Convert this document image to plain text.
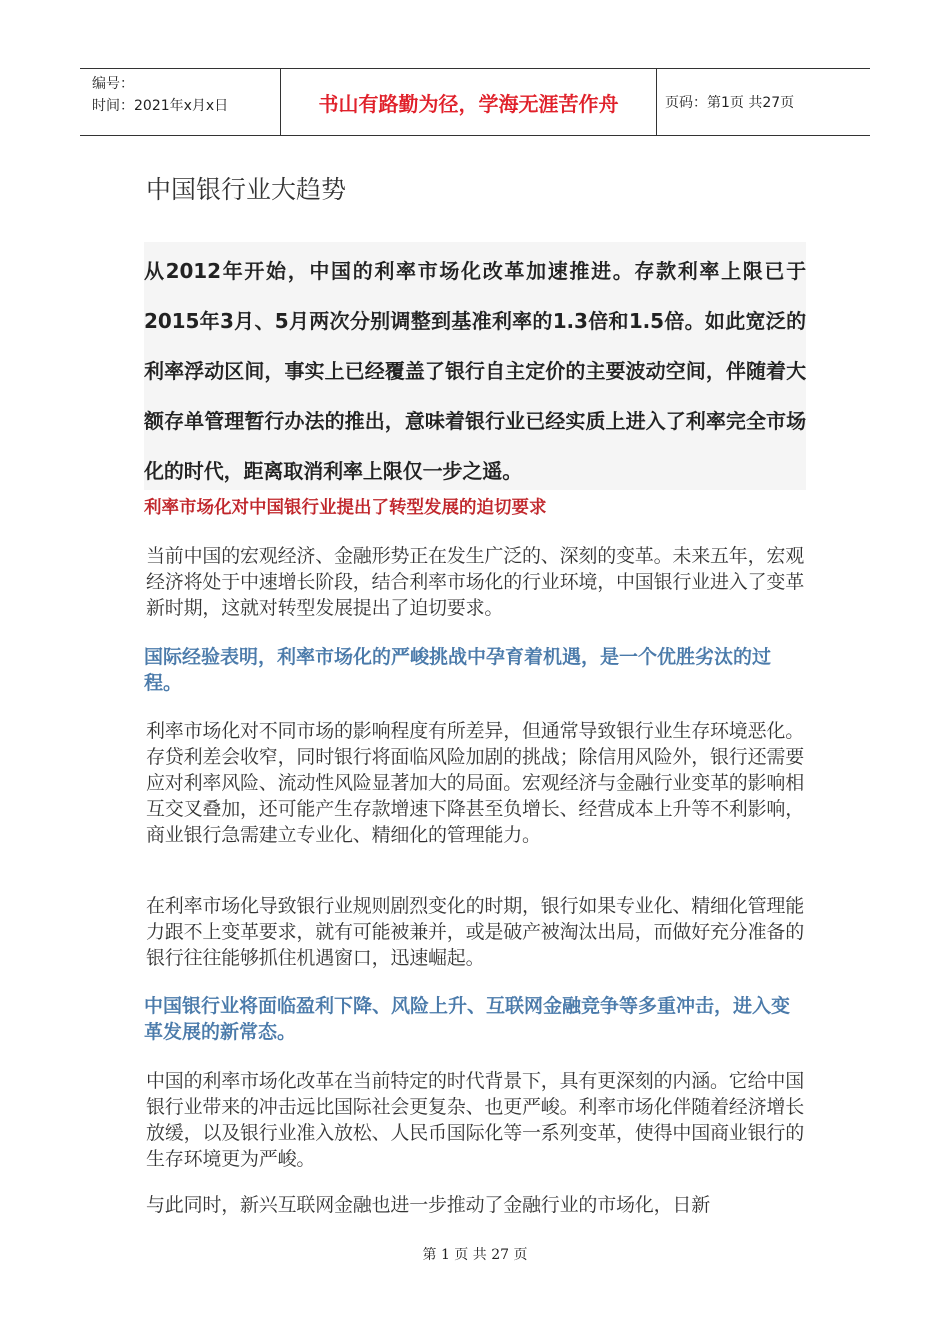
编号：
时间：2021年x月x日	书山有路勤为径，学海无涯苦作舟	页码：第1页 共27页
中国银行业大趋势
从2012年开始，中国的利率市场化改革加速推进。存款利率上限已于2015年3月、5月两次分别调整到基准利率的1.3倍和1.5倍。如此宽泛的利率浮动区间，事实上已经覆盖了银行自主定价的主要波动空间，伴随着大额存单管理暂行办法的推出，意味着银行业已经实质上进入了利率完全市场化的时代，距离取消利率上限仅一步之遥。
利率市场化对中国银行业提出了转型发展的迫切要求

当前中国的宏观经济、金融形势正在发生广泛的、深刻的变革。未来五年，宏观经济将处于中速增长阶段，结合利率市场化的行业环境，中国银行业进入了变革新时期，这就对转型发展提出了迫切要求。

国际经验表明，利率市场化的严峻挑战中孕育着机遇，是一个优胜劣汰的过程。

利率市场化对不同市场的影响程度有所差异，但通常导致银行业生存环境恶化。存贷利差会收窄，同时银行将面临风险加剧的挑战；除信用风险外，银行还需要应对利率风险、流动性风险显著加大的局面。宏观经济与金融行业变革的影响相互交叉叠加，还可能产生存款增速下降甚至负增长、经营成本上升等不利影响，商业银行急需建立专业化、精细化的管理能力。

在利率市场化导致银行业规则剧烈变化的时期，银行如果专业化、精细化管理能力跟不上变革要求，就有可能被兼并，或是破产被淘汰出局，而做好充分准备的银行往往能够抓住机遇窗口，迅速崛起。

中国银行业将面临盈利下降、风险上升、互联网金融竞争等多重冲击，进入变革发展的新常态。

中国的利率市场化改革在当前特定的时代背景下，具有更深刻的内涵。它给中国银行业带来的冲击远比国际社会更复杂、也更严峻。利率市场化伴随着经济增长放缓，以及银行业准入放松、人民币国际化等一系列变革，使得中国商业银行的生存环境更为严峻。

与此同时，新兴互联网金融也进一步推动了金融行业的市场化，日新

第 1 页 共 27 页
